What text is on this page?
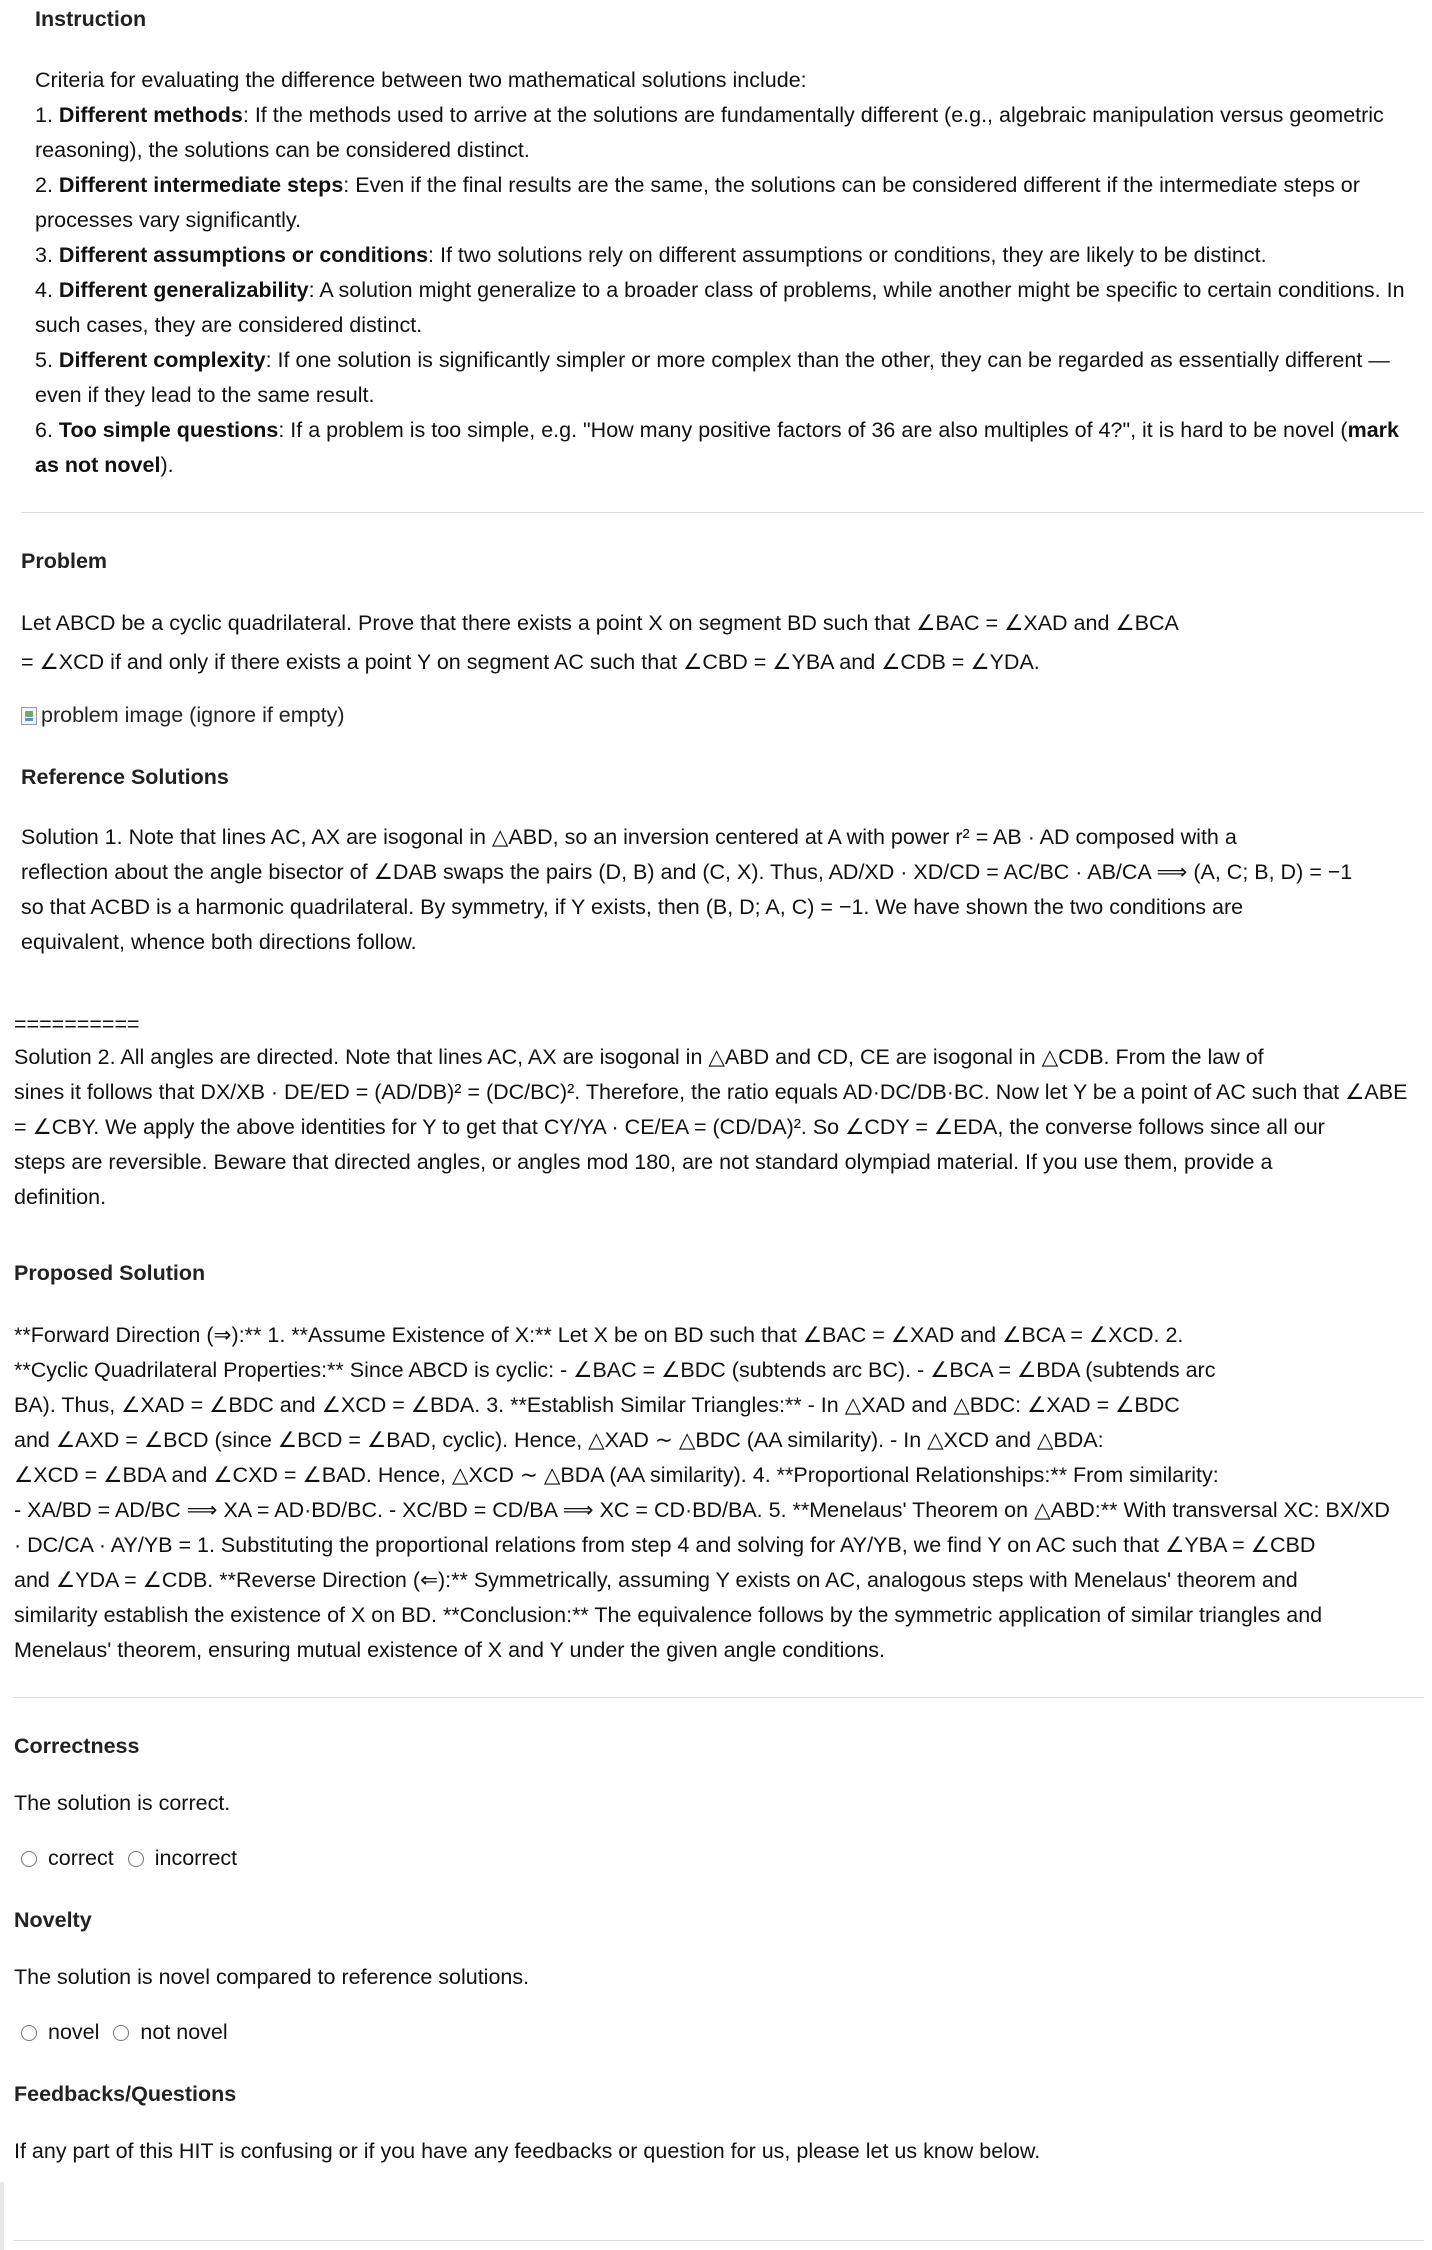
Instruction
Criteria for evaluating the difference between two mathematical solutions include:
1. Different methods: If the methods used to arrive at the solutions are fundamentally different (e.g., algebraic manipulation versus geometric reasoning), the solutions can be considered distinct.
2. Different intermediate steps: Even if the final results are the same, the solutions can be considered different if the intermediate steps or processes vary significantly.
3. Different assumptions or conditions: If two solutions rely on different assumptions or conditions, they are likely to be distinct.
4. Different generalizability: A solution might generalize to a broader class of problems, while another might be specific to certain conditions. In such cases, they are considered distinct.
5. Different complexity: If one solution is significantly simpler or more complex than the other, they can be regarded as essentially different —even if they lead to the same result.
6. Too simple questions: If a problem is too simple, e.g. "How many positive factors of 36 are also multiples of 4?", it is hard to be novel (mark as not novel).
Problem
Let ABCD be a cyclic quadrilateral. Prove that there exists a point X on segment BD such that ∠BAC = ∠XAD and ∠BCA
= ∠XCD if and only if there exists a point Y on segment AC such that ∠CBD = ∠YBA and ∠CDB = ∠YDA.
problem image (ignore if empty)
Reference Solutions
Solution 1. Note that lines AC, AX are isogonal in △ABD, so an inversion centered at A with power r² = AB · AD composed with a
reflection about the angle bisector of ∠DAB swaps the pairs (D, B) and (C, X). Thus, AD/XD · XD/CD = AC/BC · AB/CA ⟹ (A, C; B, D) = −1
so that ACBD is a harmonic quadrilateral. By symmetry, if Y exists, then (B, D; A, C) = −1. We have shown the two conditions are
equivalent, whence both directions follow.
==========
Solution 2. All angles are directed. Note that lines AC, AX are isogonal in △ABD and CD, CE are isogonal in △CDB. From the law of
sines it follows that DX/XB · DE/ED = (AD/DB)² = (DC/BC)². Therefore, the ratio equals AD·DC/DB·BC. Now let Y be a point of AC such that ∠ABE
= ∠CBY. We apply the above identities for Y to get that CY/YA · CE/EA = (CD/DA)². So ∠CDY = ∠EDA, the converse follows since all our
steps are reversible. Beware that directed angles, or angles mod 180, are not standard olympiad material. If you use them, provide a
definition.
Proposed Solution
**Forward Direction (⇒):** 1. **Assume Existence of X:** Let X be on BD such that ∠BAC = ∠XAD and ∠BCA = ∠XCD. 2.
**Cyclic Quadrilateral Properties:** Since ABCD is cyclic: - ∠BAC = ∠BDC (subtends arc BC). - ∠BCA = ∠BDA (subtends arc
BA). Thus, ∠XAD = ∠BDC and ∠XCD = ∠BDA. 3. **Establish Similar Triangles:** - In △XAD and △BDC: ∠XAD = ∠BDC
and ∠AXD = ∠BCD (since ∠BCD = ∠BAD, cyclic). Hence, △XAD ∼ △BDC (AA similarity). - In △XCD and △BDA:
∠XCD = ∠BDA and ∠CXD = ∠BAD. Hence, △XCD ∼ △BDA (AA similarity). 4. **Proportional Relationships:** From similarity:
- XA/BD = AD/BC ⟹ XA = AD·BD/BC. - XC/BD = CD/BA ⟹ XC = CD·BD/BA. 5. **Menelaus' Theorem on △ABD:** With transversal XC: BX/XD
· DC/CA · AY/YB = 1. Substituting the proportional relations from step 4 and solving for AY/YB, we find Y on AC such that ∠YBA = ∠CBD
and ∠YDA = ∠CDB. **Reverse Direction (⇐):** Symmetrically, assuming Y exists on AC, analogous steps with Menelaus' theorem and
similarity establish the existence of X on BD. **Conclusion:** The equivalence follows by the symmetric application of similar triangles and
Menelaus' theorem, ensuring mutual existence of X and Y under the given angle conditions.
Correctness
The solution is correct.
correct incorrect
Novelty
The solution is novel compared to reference solutions.
novel not novel
Feedbacks/Questions
If any part of this HIT is confusing or if you have any feedbacks or question for us, please let us know below.
